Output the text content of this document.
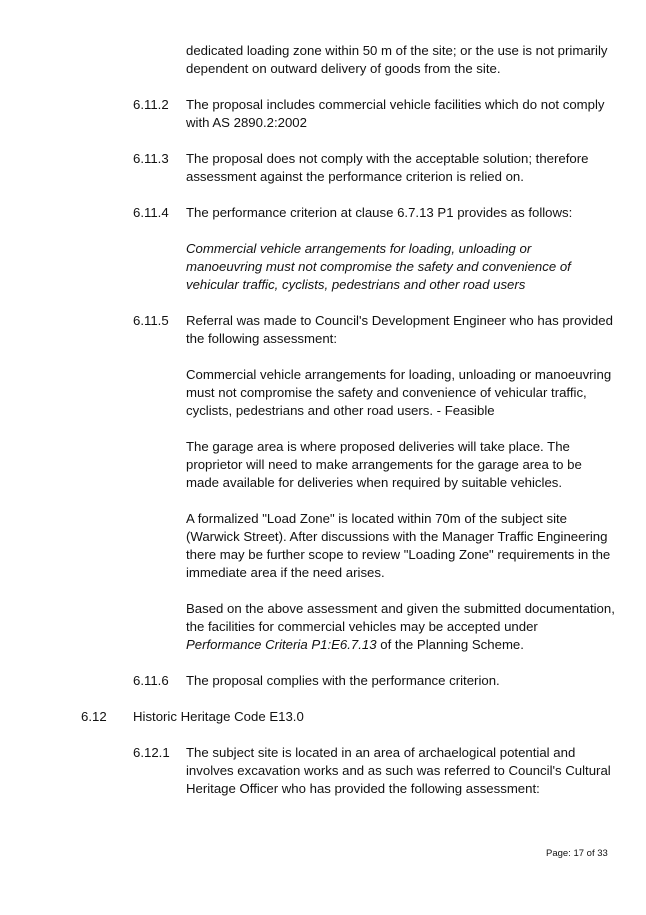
dedicated loading zone within 50 m of the site; or the use is not primarily
dependent on outward delivery of goods from the site.
6.11.2 The proposal includes commercial vehicle facilities which do not comply
with AS 2890.2:2002
6.11.3 The proposal does not comply with the acceptable solution; therefore
assessment against the performance criterion is relied on.
6.11.4 The performance criterion at clause 6.7.13 P1 provides as follows:
Commercial vehicle arrangements for loading, unloading or
manoeuvring must not compromise the safety and convenience of
vehicular traffic, cyclists, pedestrians and other road users
6.11.5 Referral was made to Council's Development Engineer who has provided
the following assessment:
Commercial vehicle arrangements for loading, unloading or manoeuvring
must not compromise the safety and convenience of vehicular traffic,
cyclists, pedestrians and other road users. - Feasible
The garage area is where proposed deliveries will take place. The
proprietor will need to make arrangements for the garage area to be
made available for deliveries when required by suitable vehicles.
A formalized "Load Zone" is located within 70m of the subject site
(Warwick Street). After discussions with the Manager Traffic Engineering
there may be further scope to review "Loading Zone" requirements in the
immediate area if the need arises.
Based on the above assessment and given the submitted documentation,
the facilities for commercial vehicles may be accepted under
Performance Criteria P1:E6.7.13 of the Planning Scheme.
6.11.6 The proposal complies with the performance criterion.
6.12 Historic Heritage Code E13.0
6.12.1 The subject site is located in an area of archaelogical potential and
involves excavation works and as such was referred to Council's Cultural
Heritage Officer who has provided the following assessment:
Page: 17 of 33
